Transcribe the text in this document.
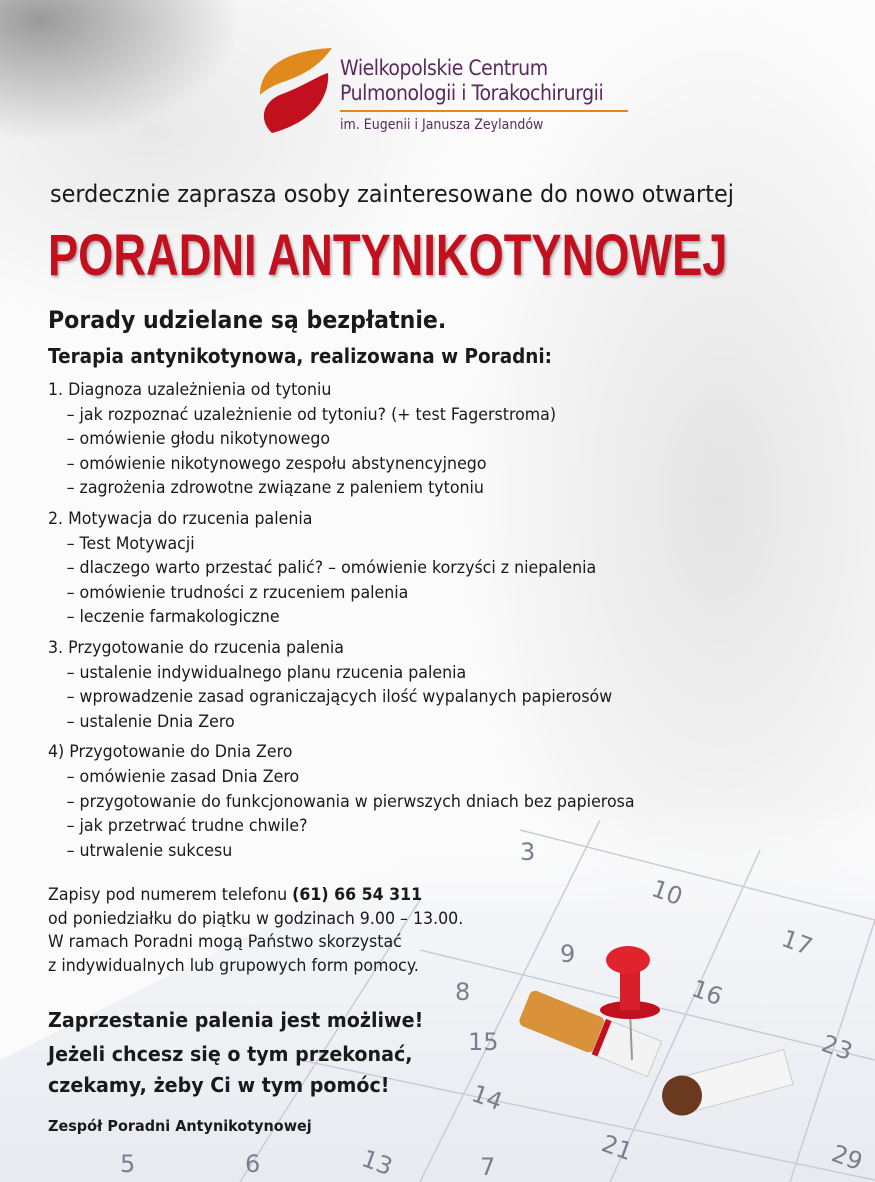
3
10
17
9
16
23
8
15
14
21
7
6	13
5	29
Wielkopolskie Centrum
Pulmonologii i Torakochirurgii
im. Eugenii i Janusza Zeylandów
serdecznie zaprasza osoby zainteresowane do nowo otwartej
PORADNI ANTYNIKOTYNOWEJ
Porady udzielane są bezpłatnie.
Terapia antynikotynowa, realizowana w Poradni:
1. Diagnoza uzależnienia od tytoniu
– jak rozpoznać uzależnienie od tytoniu? (+ test Fagerstroma)
– omówienie głodu nikotynowego
– omówienie nikotynowego zespołu abstynencyjnego
– zagrożenia zdrowotne związane z paleniem tytoniu
2. Motywacja do rzucenia palenia
– Test Motywacji
– dlaczego warto przestać palić? – omówienie korzyści z niepalenia
– omówienie trudności z rzuceniem palenia
– leczenie farmakologiczne
3. Przygotowanie do rzucenia palenia
– ustalenie indywidualnego planu rzucenia palenia
– wprowadzenie zasad ograniczających ilość wypalanych papierosów
– ustalenie Dnia Zero
4) Przygotowanie do Dnia Zero
– omówienie zasad Dnia Zero
– przygotowanie do funkcjonowania w pierwszych dniach bez papierosa
– jak przetrwać trudne chwile?
– utrwalenie sukcesu
Zapisy pod numerem telefonu (61) 66 54 311
od poniedziałku do piątku w godzinach 9.00 – 13.00.
W ramach Poradni mogą Państwo skorzystać
z indywidualnych lub grupowych form pomocy.
Zaprzestanie palenia jest możliwe!
Jeżeli chcesz się o tym przekonać,
czekamy, żeby Ci w tym pomóc!
Zespół Poradni Antynikotynowej
